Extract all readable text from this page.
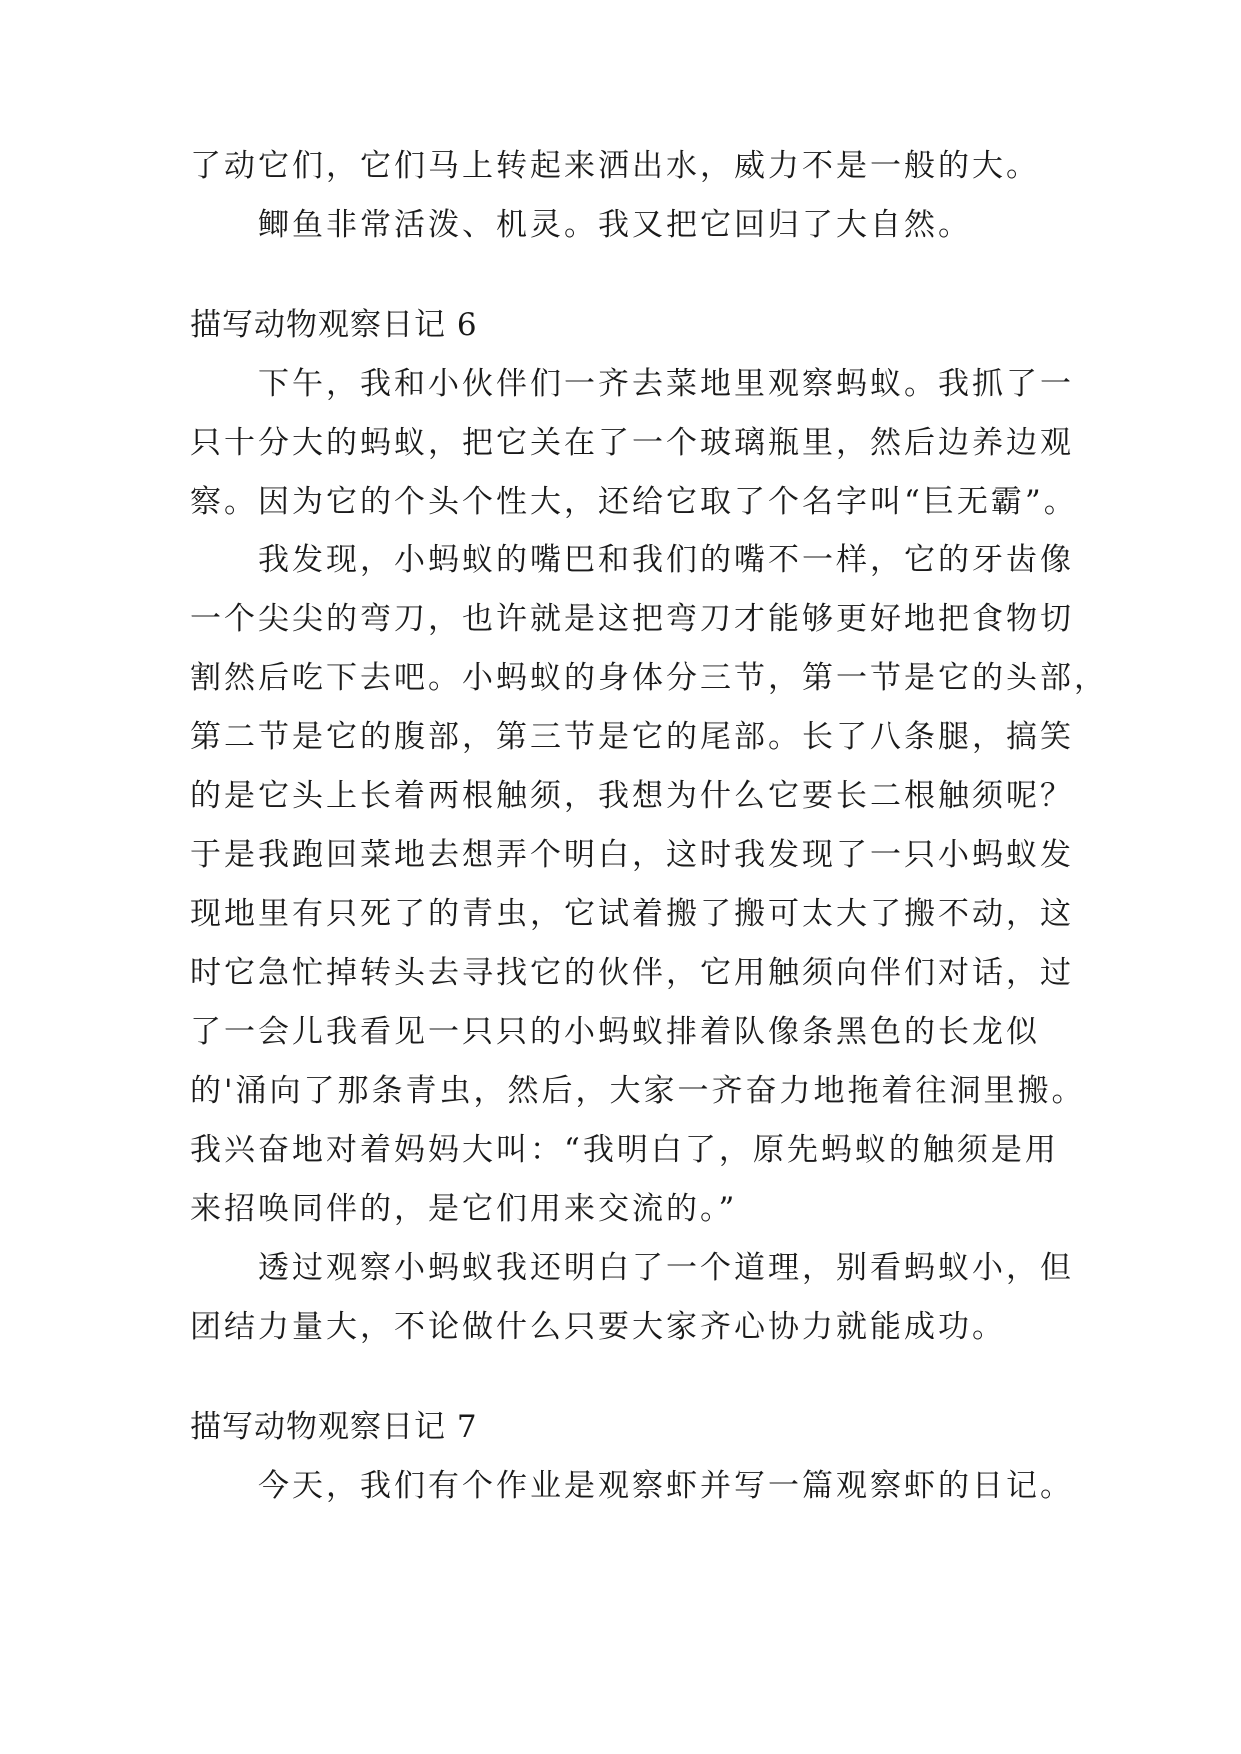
了动它们，它们马上转起来洒出水，威力不是一般的大。
鲫鱼非常活泼、机灵。我又把它回归了大自然。
描写动物观察日记 6
下午，我和小伙伴们一齐去菜地里观察蚂蚁。我抓了一
只十分大的蚂蚁，把它关在了一个玻璃瓶里，然后边养边观
察。因为它的个头个性大，还给它取了个名字叫“巨无霸”。
我发现，小蚂蚁的嘴巴和我们的嘴不一样，它的牙齿像
一个尖尖的弯刀，也许就是这把弯刀才能够更好地把食物切
割然后吃下去吧。小蚂蚁的身体分三节，第一节是它的头部，
第二节是它的腹部，第三节是它的尾部。长了八条腿，搞笑
的是它头上长着两根触须，我想为什么它要长二根触须呢？
于是我跑回菜地去想弄个明白，这时我发现了一只小蚂蚁发
现地里有只死了的青虫，它试着搬了搬可太大了搬不动，这
时它急忙掉转头去寻找它的伙伴，它用触须向伴们对话，过
了一会儿我看见一只只的小蚂蚁排着队像条黑色的长龙似
的'涌向了那条青虫，然后，大家一齐奋力地拖着往洞里搬。
我兴奋地对着妈妈大叫：“我明白了，原先蚂蚁的触须是用
来招唤同伴的，是它们用来交流的。”
透过观察小蚂蚁我还明白了一个道理，别看蚂蚁小，但
团结力量大，不论做什么只要大家齐心协力就能成功。
描写动物观察日记 7
今天，我们有个作业是观察虾并写一篇观察虾的日记。
